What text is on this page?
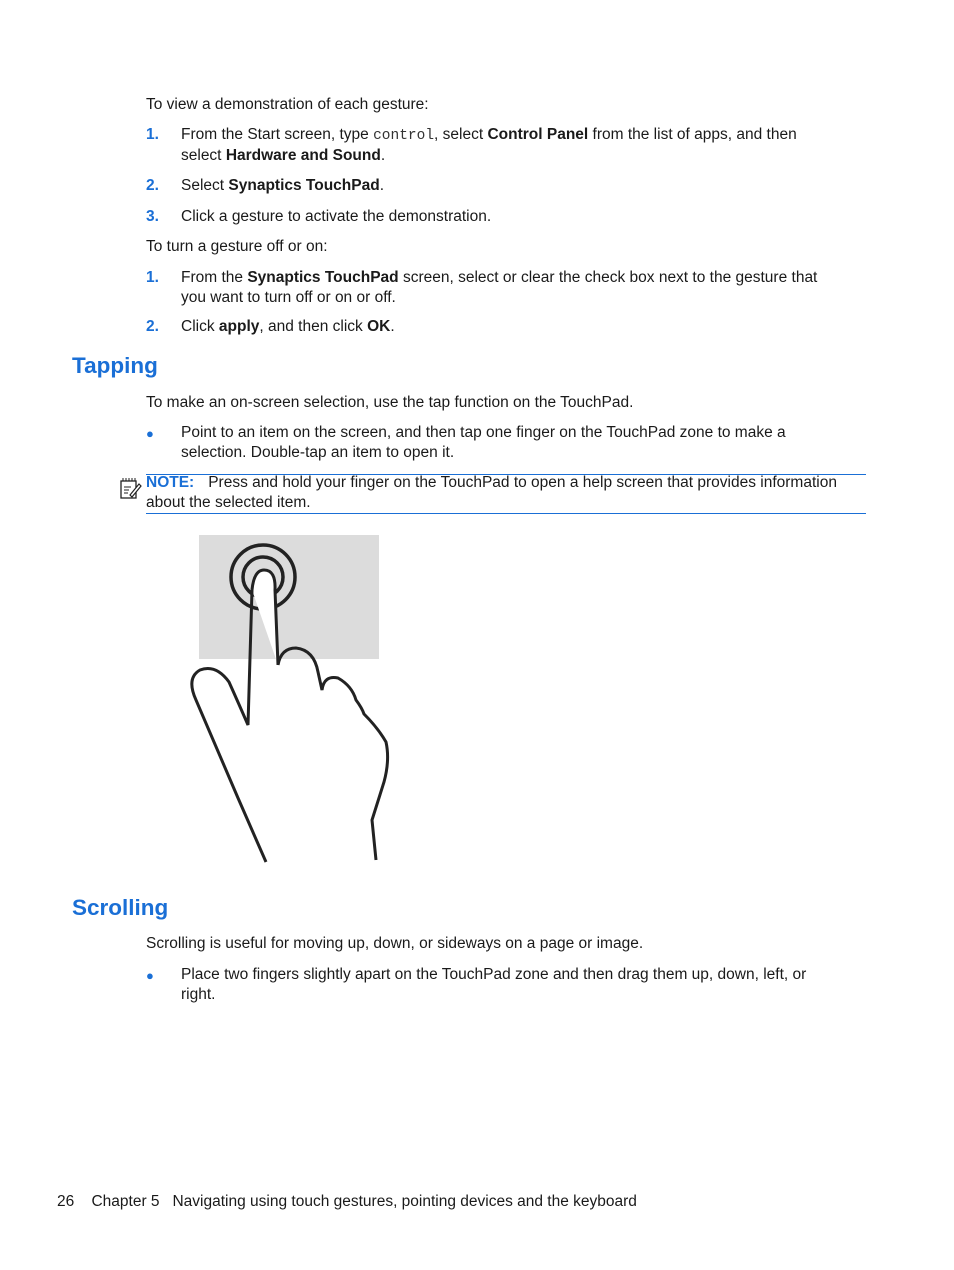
To view a demonstration of each gesture:
1. From the Start screen, type control, select Control Panel from the list of apps, and then
select Hardware and Sound.
2. Select Synaptics TouchPad.
3. Click a gesture to activate the demonstration.
To turn a gesture off or on:
1. From the Synaptics TouchPad screen, select or clear the check box next to the gesture that
you want to turn off or on or off.
2. Click apply, and then click OK.
Tapping
To make an on-screen selection, use the tap function on the TouchPad.
● Point to an item on the screen, and then tap one finger on the TouchPad zone to make a
selection. Double-tap an item to open it.
NOTE: Press and hold your finger on the TouchPad to open a help screen that provides information
about the selected item.
Scrolling
Scrolling is useful for moving up, down, or sideways on a page or image.
● Place two fingers slightly apart on the TouchPad zone and then drag them up, down, left, or
right.
26 Chapter 5 Navigating using touch gestures, pointing devices and the keyboard
